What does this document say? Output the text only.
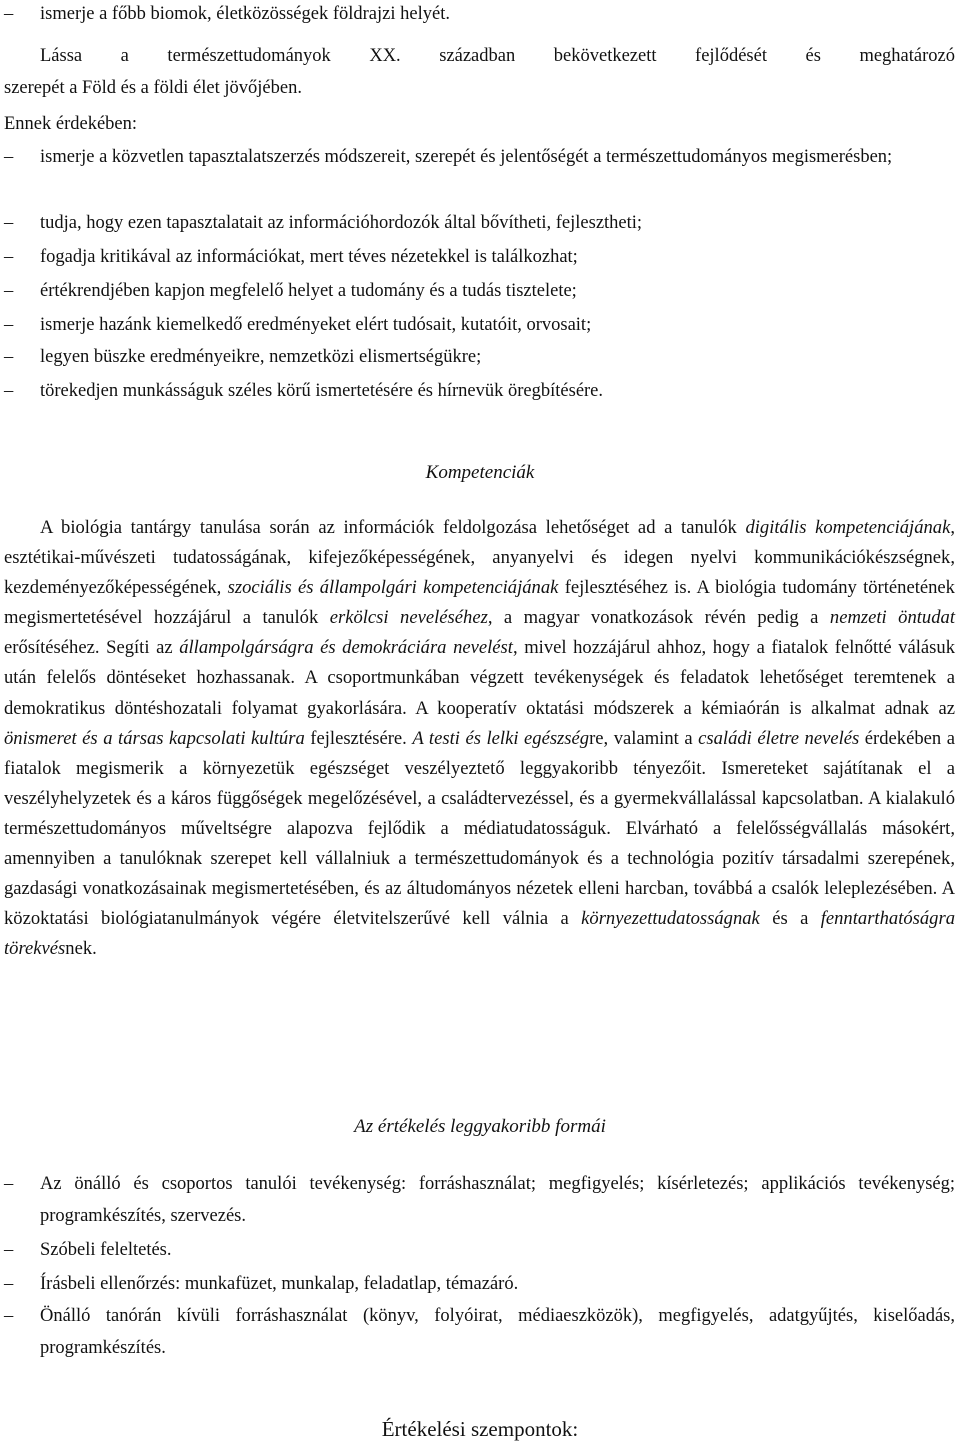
– ismerje a főbb biomok, életközösségek földrajzi helyét.
Lássa a természettudományok XX. században bekövetkezett fejlődését és meghatározó
szerepét a Föld és a földi élet jövőjében.
Ennek érdekében:
– ismerje a közvetlen tapasztalatszerzés módszereit, szerepét és jelentőségét a természettudományos megismerésben;
– tudja, hogy ezen tapasztalatait az információhordozók által bővítheti, fejlesztheti;
– fogadja kritikával az információkat, mert téves nézetekkel is találkozhat;
– értékrendjében kapjon megfelelő helyet a tudomány és a tudás tisztelete;
– ismerje hazánk kiemelkedő eredményeket elért tudósait, kutatóit, orvosait;
– legyen büszke eredményeikre, nemzetközi elismertségükre;
– törekedjen munkásságuk széles körű ismertetésére és hírnevük öregbítésére.
Kompetenciák
A biológia tantárgy tanulása során az információk feldolgozása lehetőséget ad a tanulók digitális kompetenciájának, esztétikai-művészeti tudatosságának, kifejezőképességének, anyanyelvi és idegen nyelvi kommunikációkészségnek, kezdeményezőképességének, szociális és állampolgári kompetenciájának fejlesztéséhez is. A biológia tudomány történetének megismertetésével hozzájárul a tanulók erkölcsi neveléséhez, a magyar vonatkozások révén pedig a nemzeti öntudat erősítéséhez. Segíti az állampolgárságra és demokráciára nevelést, mivel hozzájárul ahhoz, hogy a fiatalok felnőtté válásuk után felelős döntéseket hozhassanak. A csoportmunkában végzett tevékenységek és feladatok lehetőséget teremtenek a demokratikus döntéshozatali folyamat gyakorlására. A kooperatív oktatási módszerek a kémiaórán is alkalmat adnak az önismeret és a társas kapcsolati kultúra fejlesztésére. A testi és lelki egészségre, valamint a családi életre nevelés érdekében a fiatalok megismerik a környezetük egészséget veszélyeztető leggyakoribb tényezőit. Ismereteket sajátítanak el a veszélyhelyzetek és a káros függőségek megelőzésével, a családtervezéssel, és a gyermekvállalással kapcsolatban. A kialakuló természettudományos műveltségre alapozva fejlődik a médiatudatosságuk. Elvárható a felelősségvállalás másokért, amennyiben a tanulóknak szerepet kell vállalniuk a természettudományok és a technológia pozitív társadalmi szerepének, gazdasági vonatkozásainak megismertetésében, és az áltudományos nézetek elleni harcban, továbbá a csalók leleplezésében. A közoktatási biológiatanulmányok végére életvitelszerűvé kell válnia a környezettudatosságnak és a fenntarthatóságra törekvésnek.
Az értékelés leggyakoribb formái
– Az önálló és csoportos tanulói tevékenység: forráshasználat; megfigyelés; kísérletezés; applikációs tevékenység; programkészítés, szervezés.
– Szóbeli feleltetés.
– Írásbeli ellenőrzés: munkafüzet, munkalap, feladatlap, témazáró.
– Önálló tanórán kívüli forráshasználat (könyv, folyóirat, médiaeszközök), megfigyelés, adatgyűjtés, kiselőadás, programkészítés.
Értékelési szempontok:
